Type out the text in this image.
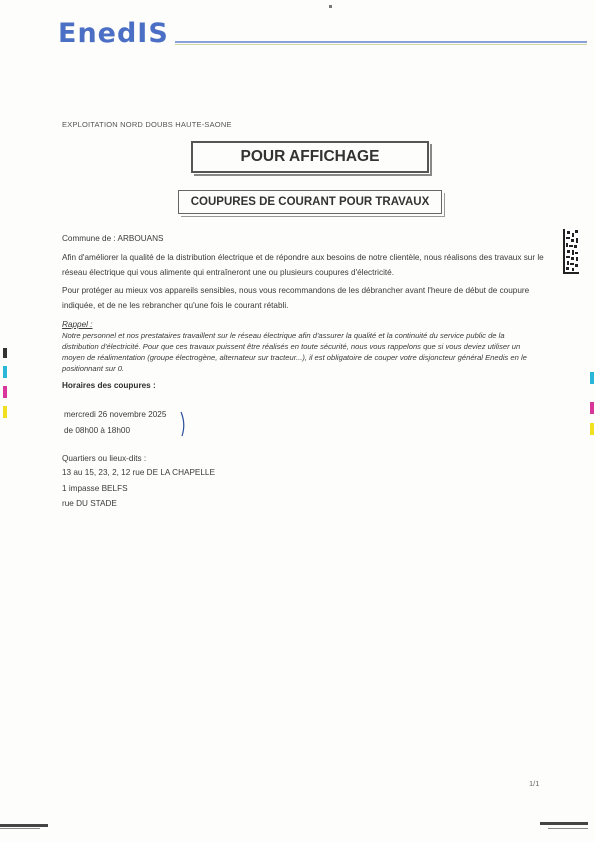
EnedIS
EXPLOITATION NORD DOUBS HAUTE-SAONE
POUR AFFICHAGE
COUPURES DE COURANT POUR TRAVAUX
Commune de : ARBOUANS
Afin d'améliorer la qualité de la distribution électrique et de répondre aux besoins de notre clientèle, nous réalisons des travaux sur le réseau électrique qui vous alimente qui entraîneront une ou plusieurs coupures d'électricité.
Pour protéger au mieux vos appareils sensibles, nous vous recommandons de les débrancher avant l'heure de début de coupure indiquée, et de ne les rebrancher qu'une fois le courant rétabli.
Rappel :
Notre personnel et nos prestataires travaillent sur le réseau électrique afin d'assurer la qualité et la continuité du service public de la distribution d'électricité. Pour que ces travaux puissent être réalisés en toute sécurité, nous vous rappelons que si vous deviez utiliser un moyen de réalimentation (groupe électrogène, alternateur sur tracteur...), il est obligatoire de couper votre disjoncteur général Enedis en le positionnant sur 0.
Horaires des coupures :
mercredi 26 novembre 2025
de 08h00 à 18h00
Quartiers ou lieux-dits :
13 au 15, 23, 2, 12 rue DE LA CHAPELLE
1 impasse BELFS
rue DU STADE
1/1
